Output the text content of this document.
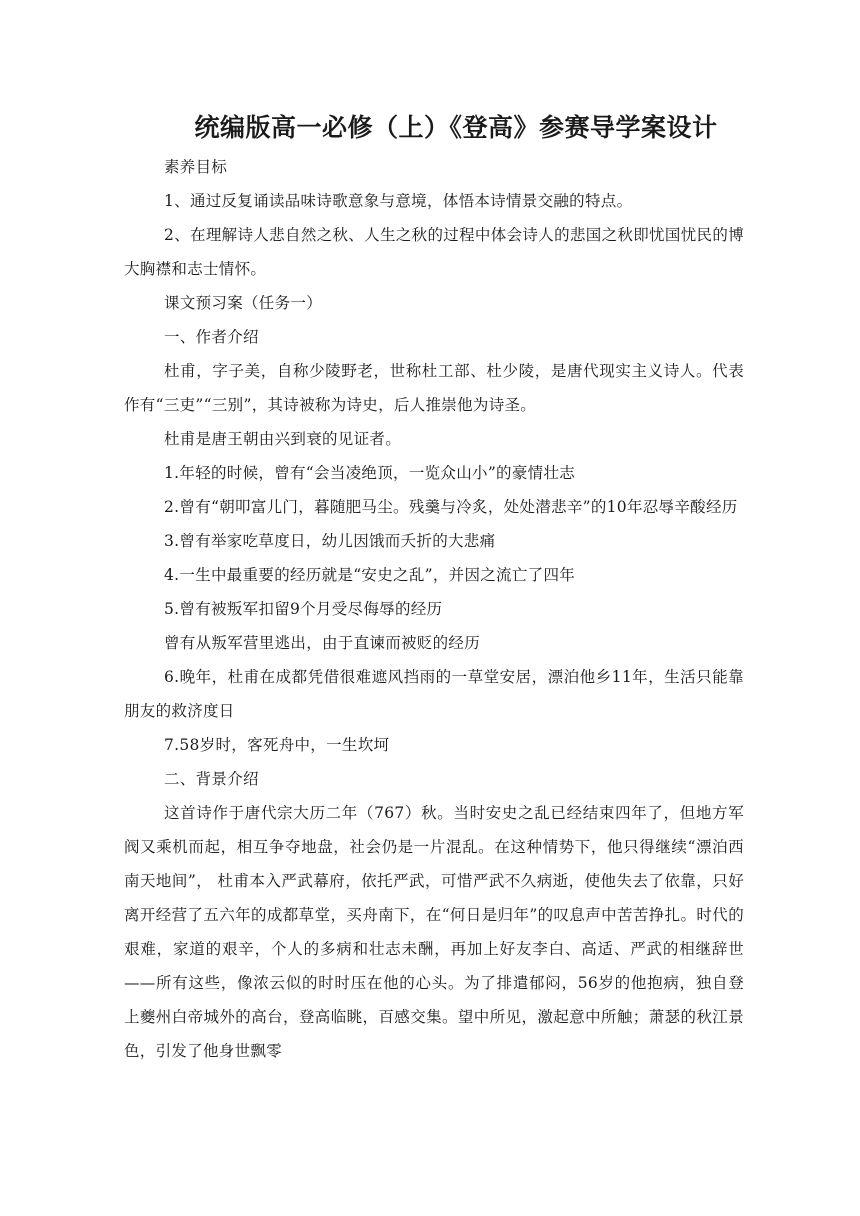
统编版高一必修（上）《登高》参赛导学案设计

素养目标

1、通过反复诵读品味诗歌意象与意境，体悟本诗情景交融的特点。

2、在理解诗人悲自然之秋、人生之秋的过程中体会诗人的悲国之秋即忧国忧民的博大胸襟和志士情怀。

课文预习案（任务一）

一、作者介绍

杜甫，字子美，自称少陵野老，世称杜工部、杜少陵，是唐代现实主义诗人。代表作有“三吏”“三别”，其诗被称为诗史，后人推崇他为诗圣。

杜甫是唐王朝由兴到衰的见证者。

1.年轻的时候，曾有“会当凌绝顶，一览众山小”的豪情壮志

2.曾有“朝叩富儿门，暮随肥马尘。残羹与冷炙，处处潜悲辛”的10年忍辱辛酸经历

3.曾有举家吃草度日，幼儿因饿而夭折的大悲痛

4.一生中最重要的经历就是“安史之乱”，并因之流亡了四年

5.曾有被叛军扣留9个月受尽侮辱的经历

曾有从叛军营里逃出，由于直谏而被贬的经历

6.晚年，杜甫在成都凭借很难遮风挡雨的一草堂安居，漂泊他乡11年，生活只能靠朋友的救济度日

7.58岁时，客死舟中，一生坎坷

二、背景介绍

这首诗作于唐代宗大历二年（767）秋。当时安史之乱已经结束四年了，但地方军阀又乘机而起，相互争夺地盘，社会仍是一片混乱。在这种情势下，他只得继续“漂泊西南天地间”， 杜甫本入严武幕府，依托严武，可惜严武不久病逝，使他失去了依靠，只好离开经营了五六年的成都草堂，买舟南下，在“何日是归年”的叹息声中苦苦挣扎。时代的艰难，家道的艰辛，个人的多病和壮志未酬，再加上好友李白、高适、严武的相继辞世——所有这些，像浓云似的时时压在他的心头。为了排遣郁闷，56岁的他抱病，独自登上夔州白帝城外的高台，登高临眺，百感交集。望中所见，激起意中所触；萧瑟的秋江景色，引发了他身世飘零
